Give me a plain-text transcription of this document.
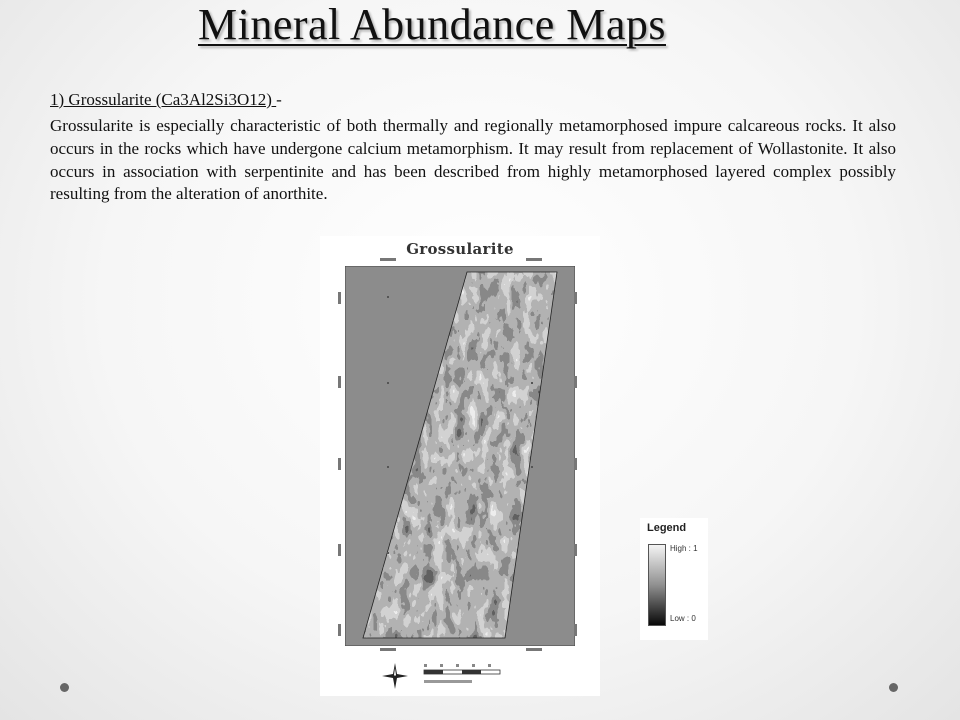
Mineral Abundance Maps
1) Grossularite (Ca3Al2Si3O12) -
Grossularite is especially characteristic of both thermally and regionally metamorphosed impure calcareous rocks. It also occurs in the rocks which have undergone calcium metamorphism. It may result from replacement of Wollastonite. It also occurs in association with serpentinite and has been described from highly metamorphosed layered complex possibly resulting from the alteration of anorthite.
Grossularite
Legend
High : 1
Low : 0
